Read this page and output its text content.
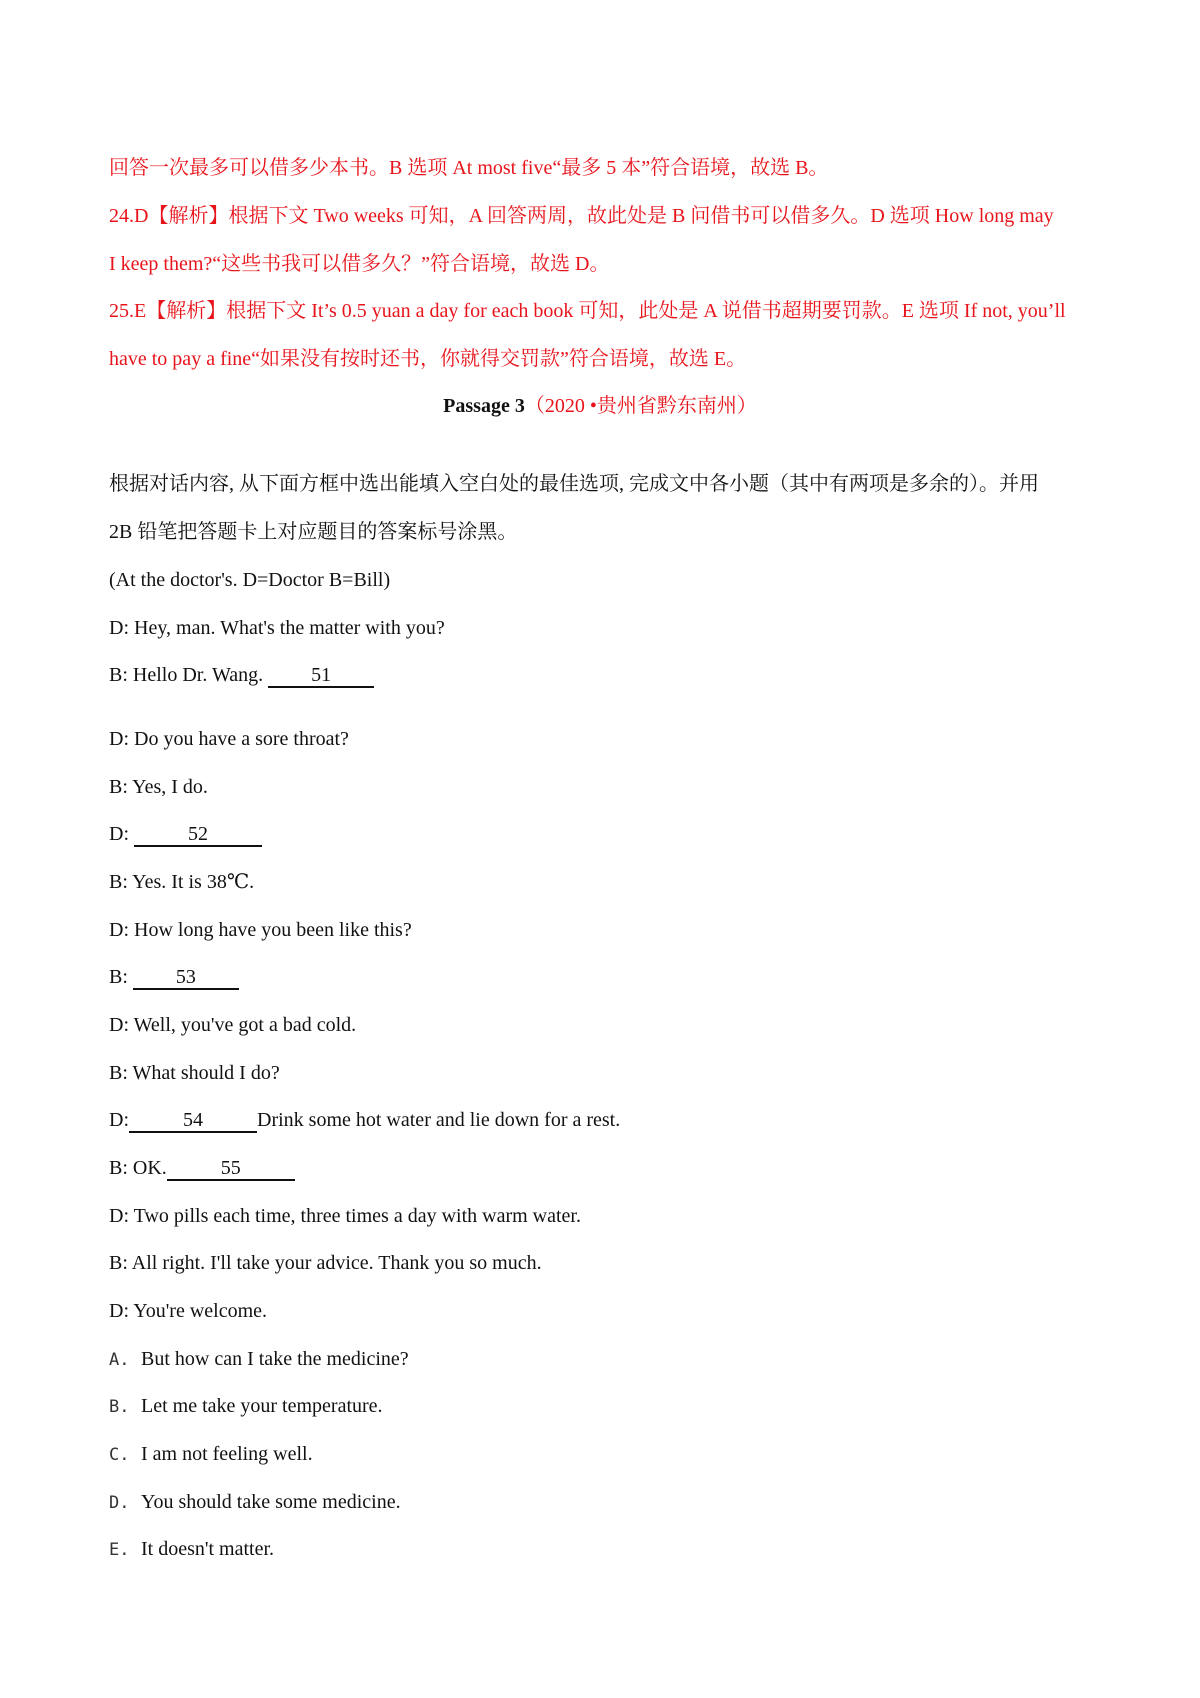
回答一次最多可以借多少本书。B 选项 At most five“最多 5 本”符合语境，故选 B。
24.D【解析】根据下文 Two weeks 可知，A 回答两周，故此处是 B 问借书可以借多久。D 选项 How long may
I keep them?“这些书我可以借多久？”符合语境，故选 D。
25.E【解析】根据下文 It’s 0.5 yuan a day for each book 可知，此处是 A 说借书超期要罚款。E 选项 If not, you’ll
have to pay a fine“如果没有按时还书，你就得交罚款”符合语境，故选 E。
Passage 3（2020 •贵州省黔东南州）
根据对话内容, 从下面方框中选出能填入空白处的最佳选项, 完成文中各小题（其中有两项是多余的）。并用
2B 铅笔把答题卡上对应题目的答案标号涂黑。
(At the doctor's. D=Doctor B=Bill)
D: Hey, man. What's the matter with you?
B: Hello Dr. Wang. 51
D: Do you have a sore throat?
B: Yes, I do.
D:	52
B: Yes. It is 38℃.
D: How long have you been like this?
B: 53
D: Well, you've got a bad cold.
B: What should I do?
D:	54	Drink some hot water and lie down for a rest.
B: OK.	55
D: Two pills each time, three times a day with warm water.
B: All right. I'll take your advice. Thank you so much.
D: You're welcome.
A. But how can I take the medicine?
B. Let me take your temperature.
C. I am not feeling well.
D. You should take some medicine.
E. It doesn't matter.
